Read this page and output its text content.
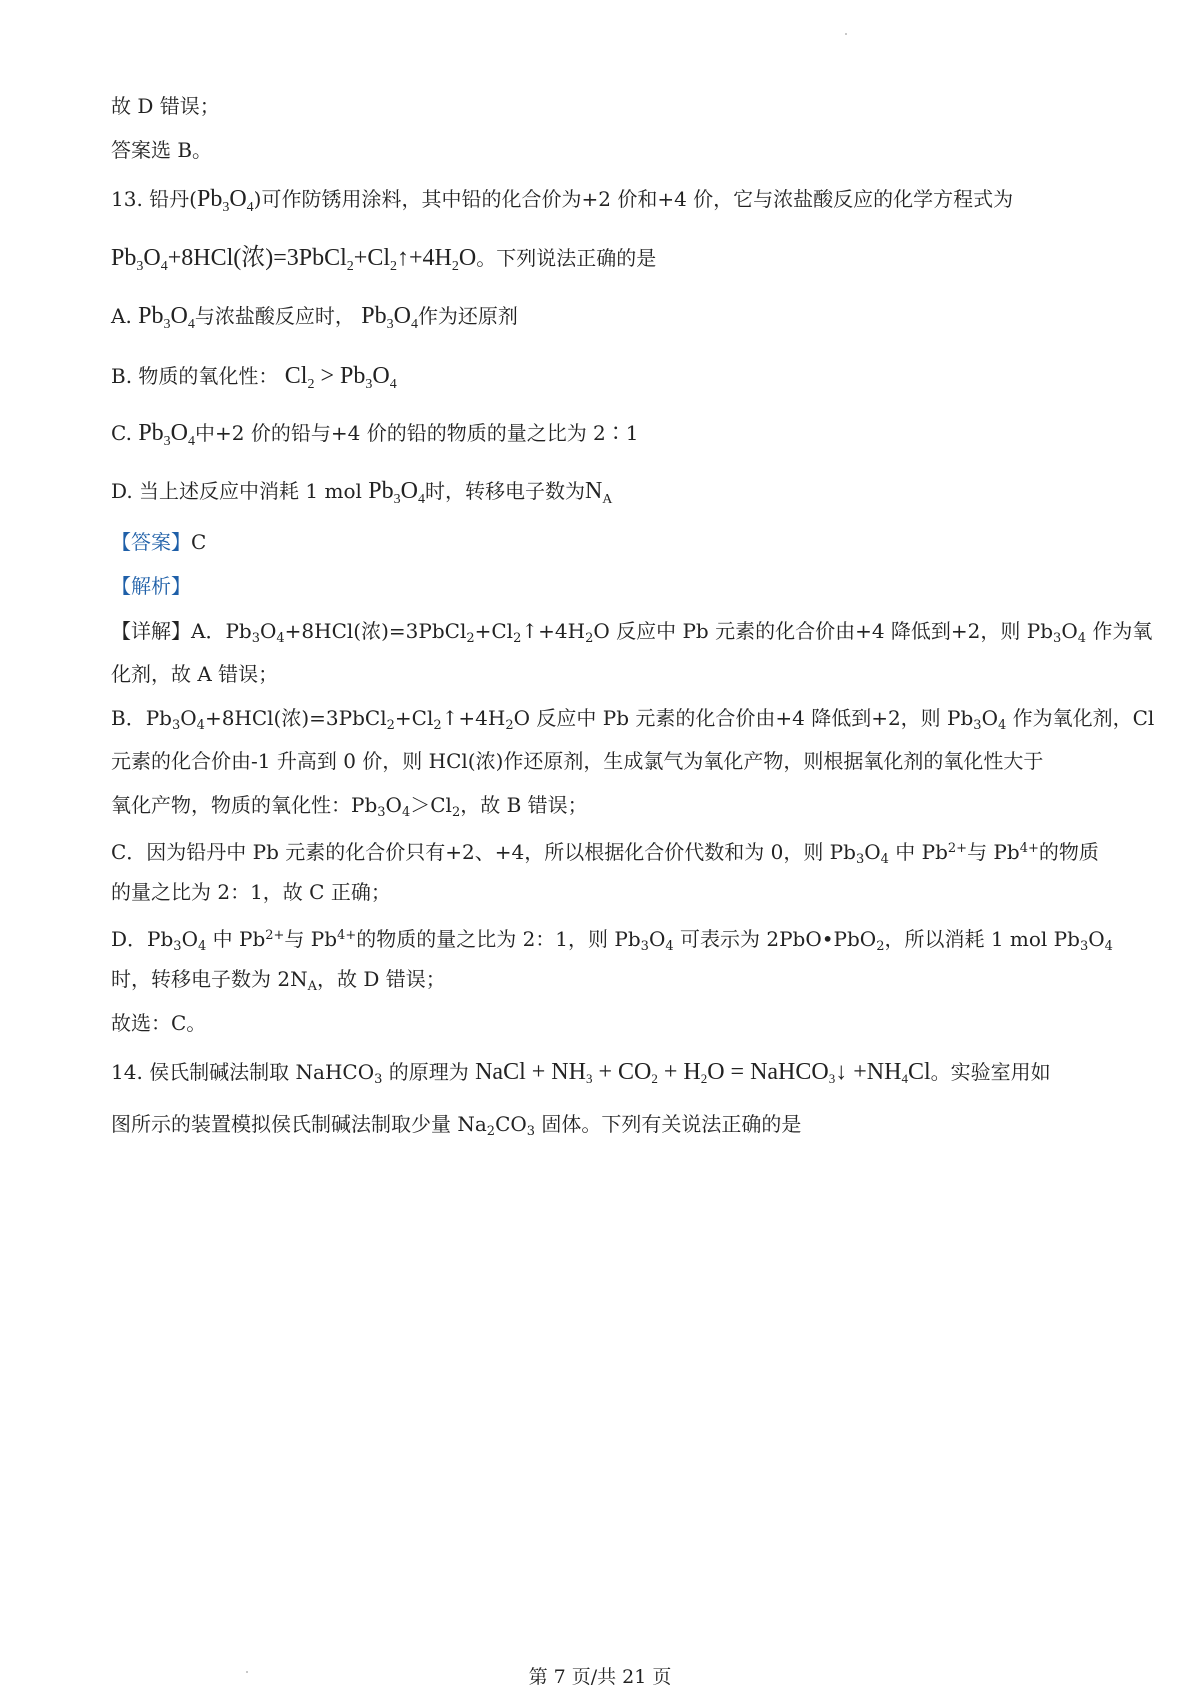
故 D 错误；
答案选 B。
13. 铅丹$(Pb_3O_4)$可作防锈用涂料，其中铅的化合价为+2 价和+4 价，它与浓盐酸反应的化学方程式为
$Pb_3O_4+8HCl$(浓)$=3PbCl_2+Cl_2↑+4H_2O$。下列说法正确的是
A. $Pb_3O_4$与浓盐酸反应时， $Pb_3O_4$作为还原剂
B. 物质的氧化性： $Cl_2 > Pb_3O_4$
C. $Pb_3O_4$中+2 价的铅与+4 价的铅的物质的量之比为 2∶1
D. 当上述反应中消耗 1 mol $Pb_3O_4$时，转移电子数为$N_A$
【答案】C
【解析】
【详解】A．$Pb_3O_4+8HCl$(浓)$=3PbCl_2+Cl_2↑+4H_2O$ 反应中 Pb 元素的化合价由+4 降低到+2，则 $Pb_3O_4$ 作为氧
化剂，故 A 错误；
B．$Pb_3O_4+8HCl$(浓)$=3PbCl_2+Cl_2↑+4H_2O$ 反应中 Pb 元素的化合价由+4 降低到+2，则 $Pb_3O_4$ 作为氧化剂，Cl
元素的化合价由-1 升高到 0 价，则 HCl(浓)作还原剂，生成氯气为氧化产物，则根据氧化剂的氧化性大于
氧化产物，物质的氧化性：$Pb_3O_4>Cl_2$，故 B 错误；
C．因为铅丹中 Pb 元素的化合价只有+2、+4，所以根据化合价代数和为 0，则 $Pb_3O_4$ 中 $Pb^{2+}$与 $Pb^{4+}$的物质
的量之比为 2：1，故 C 正确；
D．$Pb_3O_4$ 中 $Pb^{2+}$与 $Pb^{4+}$的物质的量之比为 2：1，则 $Pb_3O_4$ 可表示为 2PbO•PbO$_2$，所以消耗 1 mol $Pb_3O_4$
时，转移电子数为 $2N_A$，故 D 错误；
故选：C。
14. 侯氏制碱法制取 NaHCO$_3$ 的原理为 NaCl + $NH_3 + CO_2 + H_2O$ = NaHCO$_3$↓ $+NH_4Cl$。实验室用如
图所示的装置模拟侯氏制碱法制取少量 $Na_2CO_3$ 固体。下列有关说法正确的是
第 7 页/共 21 页
